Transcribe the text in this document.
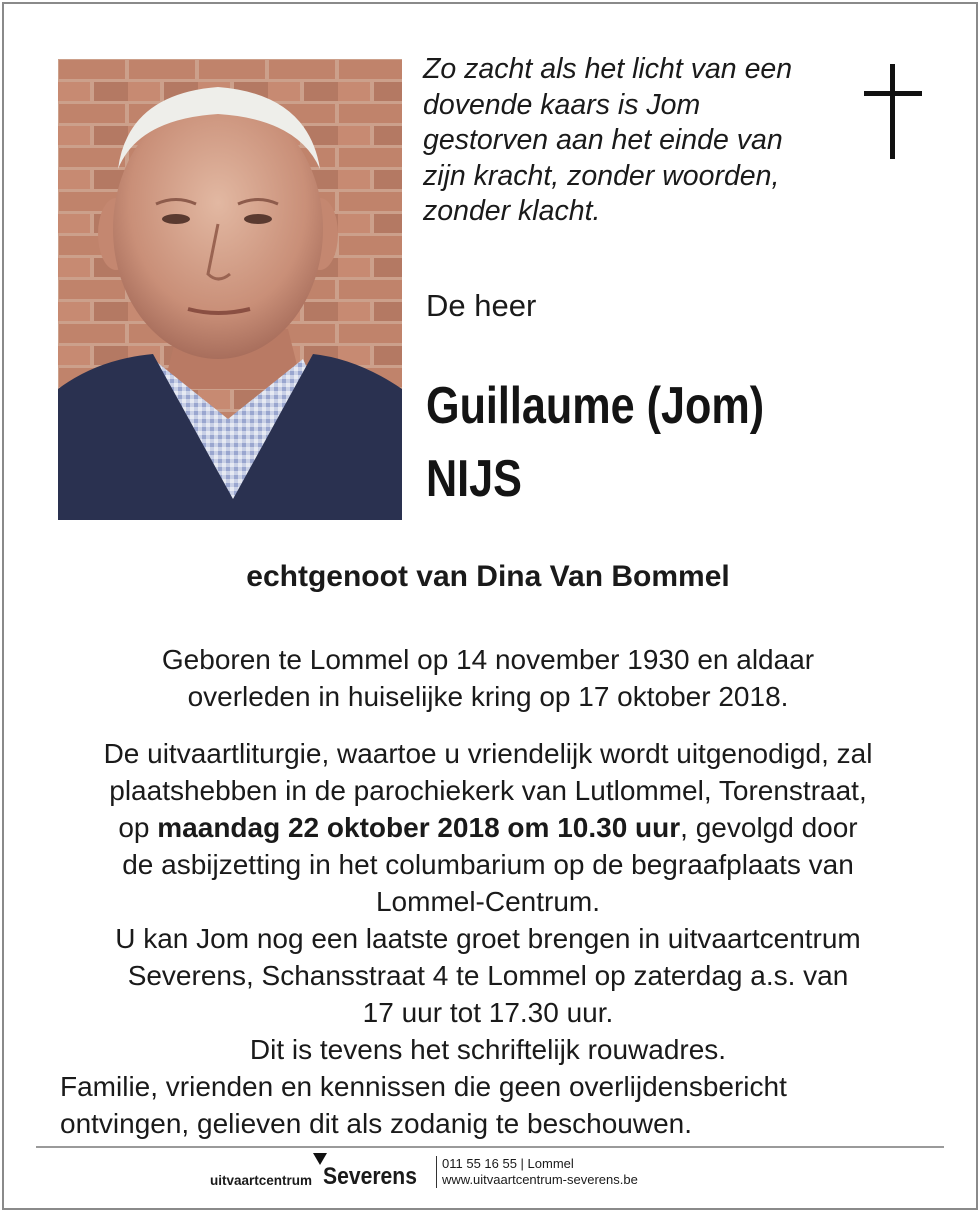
Zo zacht als het licht van een
dovende kaars is Jom
gestorven aan het einde van
zijn kracht, zonder woorden,
zonder klacht.
De heer
Guillaume (Jom)
NIJS
echtgenoot van Dina Van Bommel
Geboren te Lommel op 14 november 1930 en aldaar
overleden in huiselijke kring op 17 oktober 2018.
De uitvaartliturgie, waartoe u vriendelijk wordt uitgenodigd, zal
plaatshebben in de parochiekerk van Lutlommel, Torenstraat,
op maandag 22 oktober 2018 om 10.30 uur, gevolgd door
de asbijzetting in het columbarium op de begraafplaats van
Lommel-Centrum.
U kan Jom nog een laatste groet brengen in uitvaartcentrum
Severens, Schansstraat 4 te Lommel op zaterdag a.s. van
17 uur tot 17.30 uur.
Dit is tevens het schriftelijk rouwadres.
Familie, vrienden en kennissen die geen overlijdensbericht
ontvingen, gelieven dit als zodanig te beschouwen.
uitvaartcentrum Severens 011 55 16 55 | Lommel
www.uitvaartcentrum-severens.be
